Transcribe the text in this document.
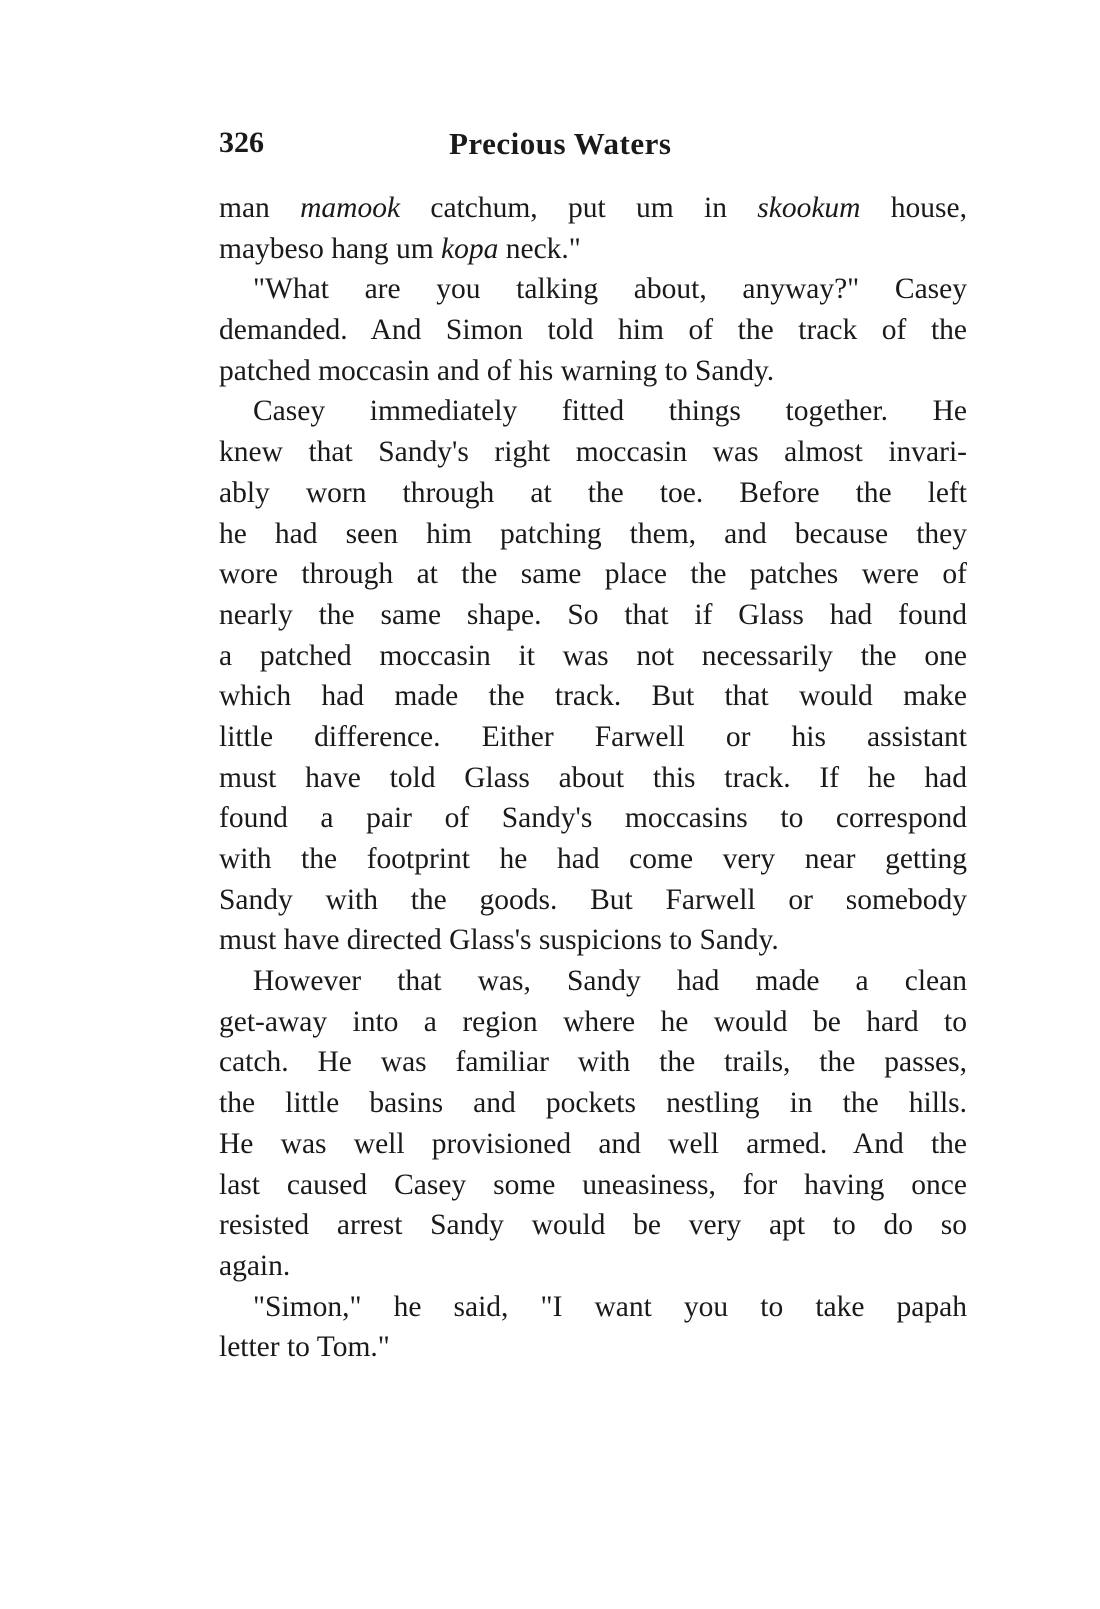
326	Precious Waters
man mamook catchum, put um in skookum house,
maybeso hang um kopa neck."
"What are you talking about, anyway?" Casey
demanded. And Simon told him of the track of the
patched moccasin and of his warning to Sandy.
Casey immediately fitted things together. He
knew that Sandy's right moccasin was almost invari-
ably worn through at the toe. Before the left
he had seen him patching them, and because they
wore through at the same place the patches were of
nearly the same shape. So that if Glass had found
a patched moccasin it was not necessarily the one
which had made the track. But that would make
little difference. Either Farwell or his assistant
must have told Glass about this track. If he had
found a pair of Sandy's moccasins to correspond
with the footprint he had come very near getting
Sandy with the goods. But Farwell or somebody
must have directed Glass's suspicions to Sandy.
However that was, Sandy had made a clean
get-away into a region where he would be hard to
catch. He was familiar with the trails, the passes,
the little basins and pockets nestling in the hills.
He was well provisioned and well armed. And the
last caused Casey some uneasiness, for having once
resisted arrest Sandy would be very apt to do so
again.
"Simon," he said, "I want you to take papah
letter to Tom."
